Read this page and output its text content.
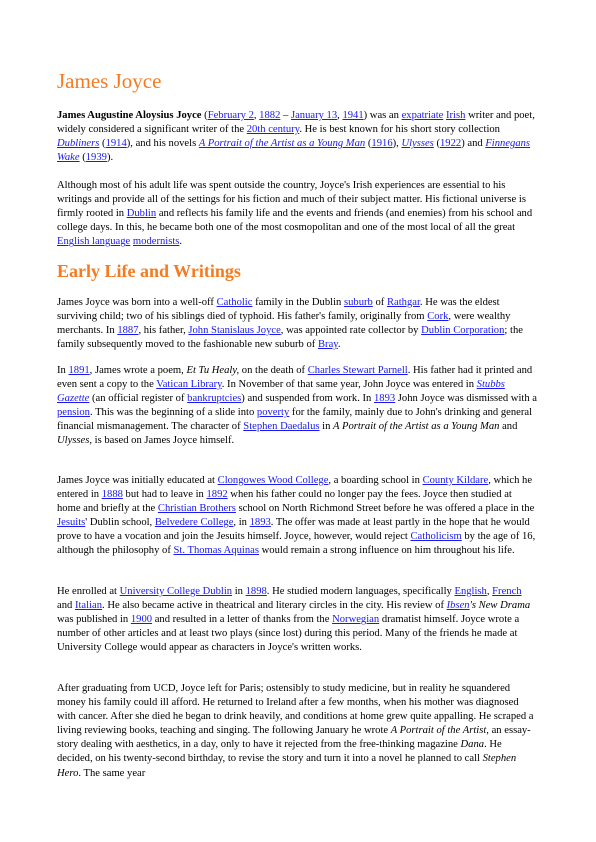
James Joyce

James Augustine Aloysius Joyce (February 2, 1882 – January 13, 1941) was an expatriate Irish writer and poet, widely considered a significant writer of the 20th century. He is best known for his short story collection Dubliners (1914), and his novels A Portrait of the Artist as a Young Man (1916), Ulysses (1922) and Finnegans Wake (1939).

Although most of his adult life was spent outside the country, Joyce's Irish experiences are essential to his writings and provide all of the settings for his fiction and much of their subject matter. His fictional universe is firmly rooted in Dublin and reflects his family life and the events and friends (and enemies) from his school and college days. In this, he became both one of the most cosmopolitan and one of the most local of all the great English language modernists.

Early Life and Writings

James Joyce was born into a well-off Catholic family in the Dublin suburb of Rathgar. He was the eldest surviving child; two of his siblings died of typhoid. His father's family, originally from Cork, were wealthy merchants. In 1887, his father, John Stanislaus Joyce, was appointed rate collector by Dublin Corporation; the family subsequently moved to the fashionable new suburb of Bray.

In 1891, James wrote a poem, Et Tu Healy, on the death of Charles Stewart Parnell. His father had it printed and even sent a copy to the Vatican Library. In November of that same year, John Joyce was entered in Stubbs Gazette (an official register of bankruptcies) and suspended from work. In 1893 John Joyce was dismissed with a pension. This was the beginning of a slide into poverty for the family, mainly due to John's drinking and general financial mismanagement. The character of Stephen Daedalus in A Portrait of the Artist as a Young Man and Ulysses, is based on James Joyce himself.

James Joyce was initially educated at Clongowes Wood College, a boarding school in County Kildare, which he entered in 1888 but had to leave in 1892 when his father could no longer pay the fees. Joyce then studied at home and briefly at the Christian Brothers school on North Richmond Street before he was offered a place in the Jesuits' Dublin school, Belvedere College, in 1893. The offer was made at least partly in the hope that he would prove to have a vocation and join the Jesuits himself. Joyce, however, would reject Catholicism by the age of 16, although the philosophy of St. Thomas Aquinas would remain a strong influence on him throughout his life.

He enrolled at University College Dublin in 1898. He studied modern languages, specifically English, French and Italian. He also became active in theatrical and literary circles in the city. His review of Ibsen's New Drama was published in 1900 and resulted in a letter of thanks from the Norwegian dramatist himself. Joyce wrote a number of other articles and at least two plays (since lost) during this period. Many of the friends he made at University College would appear as characters in Joyce's written works.

After graduating from UCD, Joyce left for Paris; ostensibly to study medicine, but in reality he squandered money his family could ill afford. He returned to Ireland after a few months, when his mother was diagnosed with cancer. After she died he began to drink heavily, and conditions at home grew quite appalling. He scraped a living reviewing books, teaching and singing. The following January he wrote A Portrait of the Artist, an essay-story dealing with aesthetics, in a day, only to have it rejected from the free-thinking magazine Dana. He decided, on his twenty-second birthday, to revise the story and turn it into a novel he planned to call Stephen Hero. The same year
